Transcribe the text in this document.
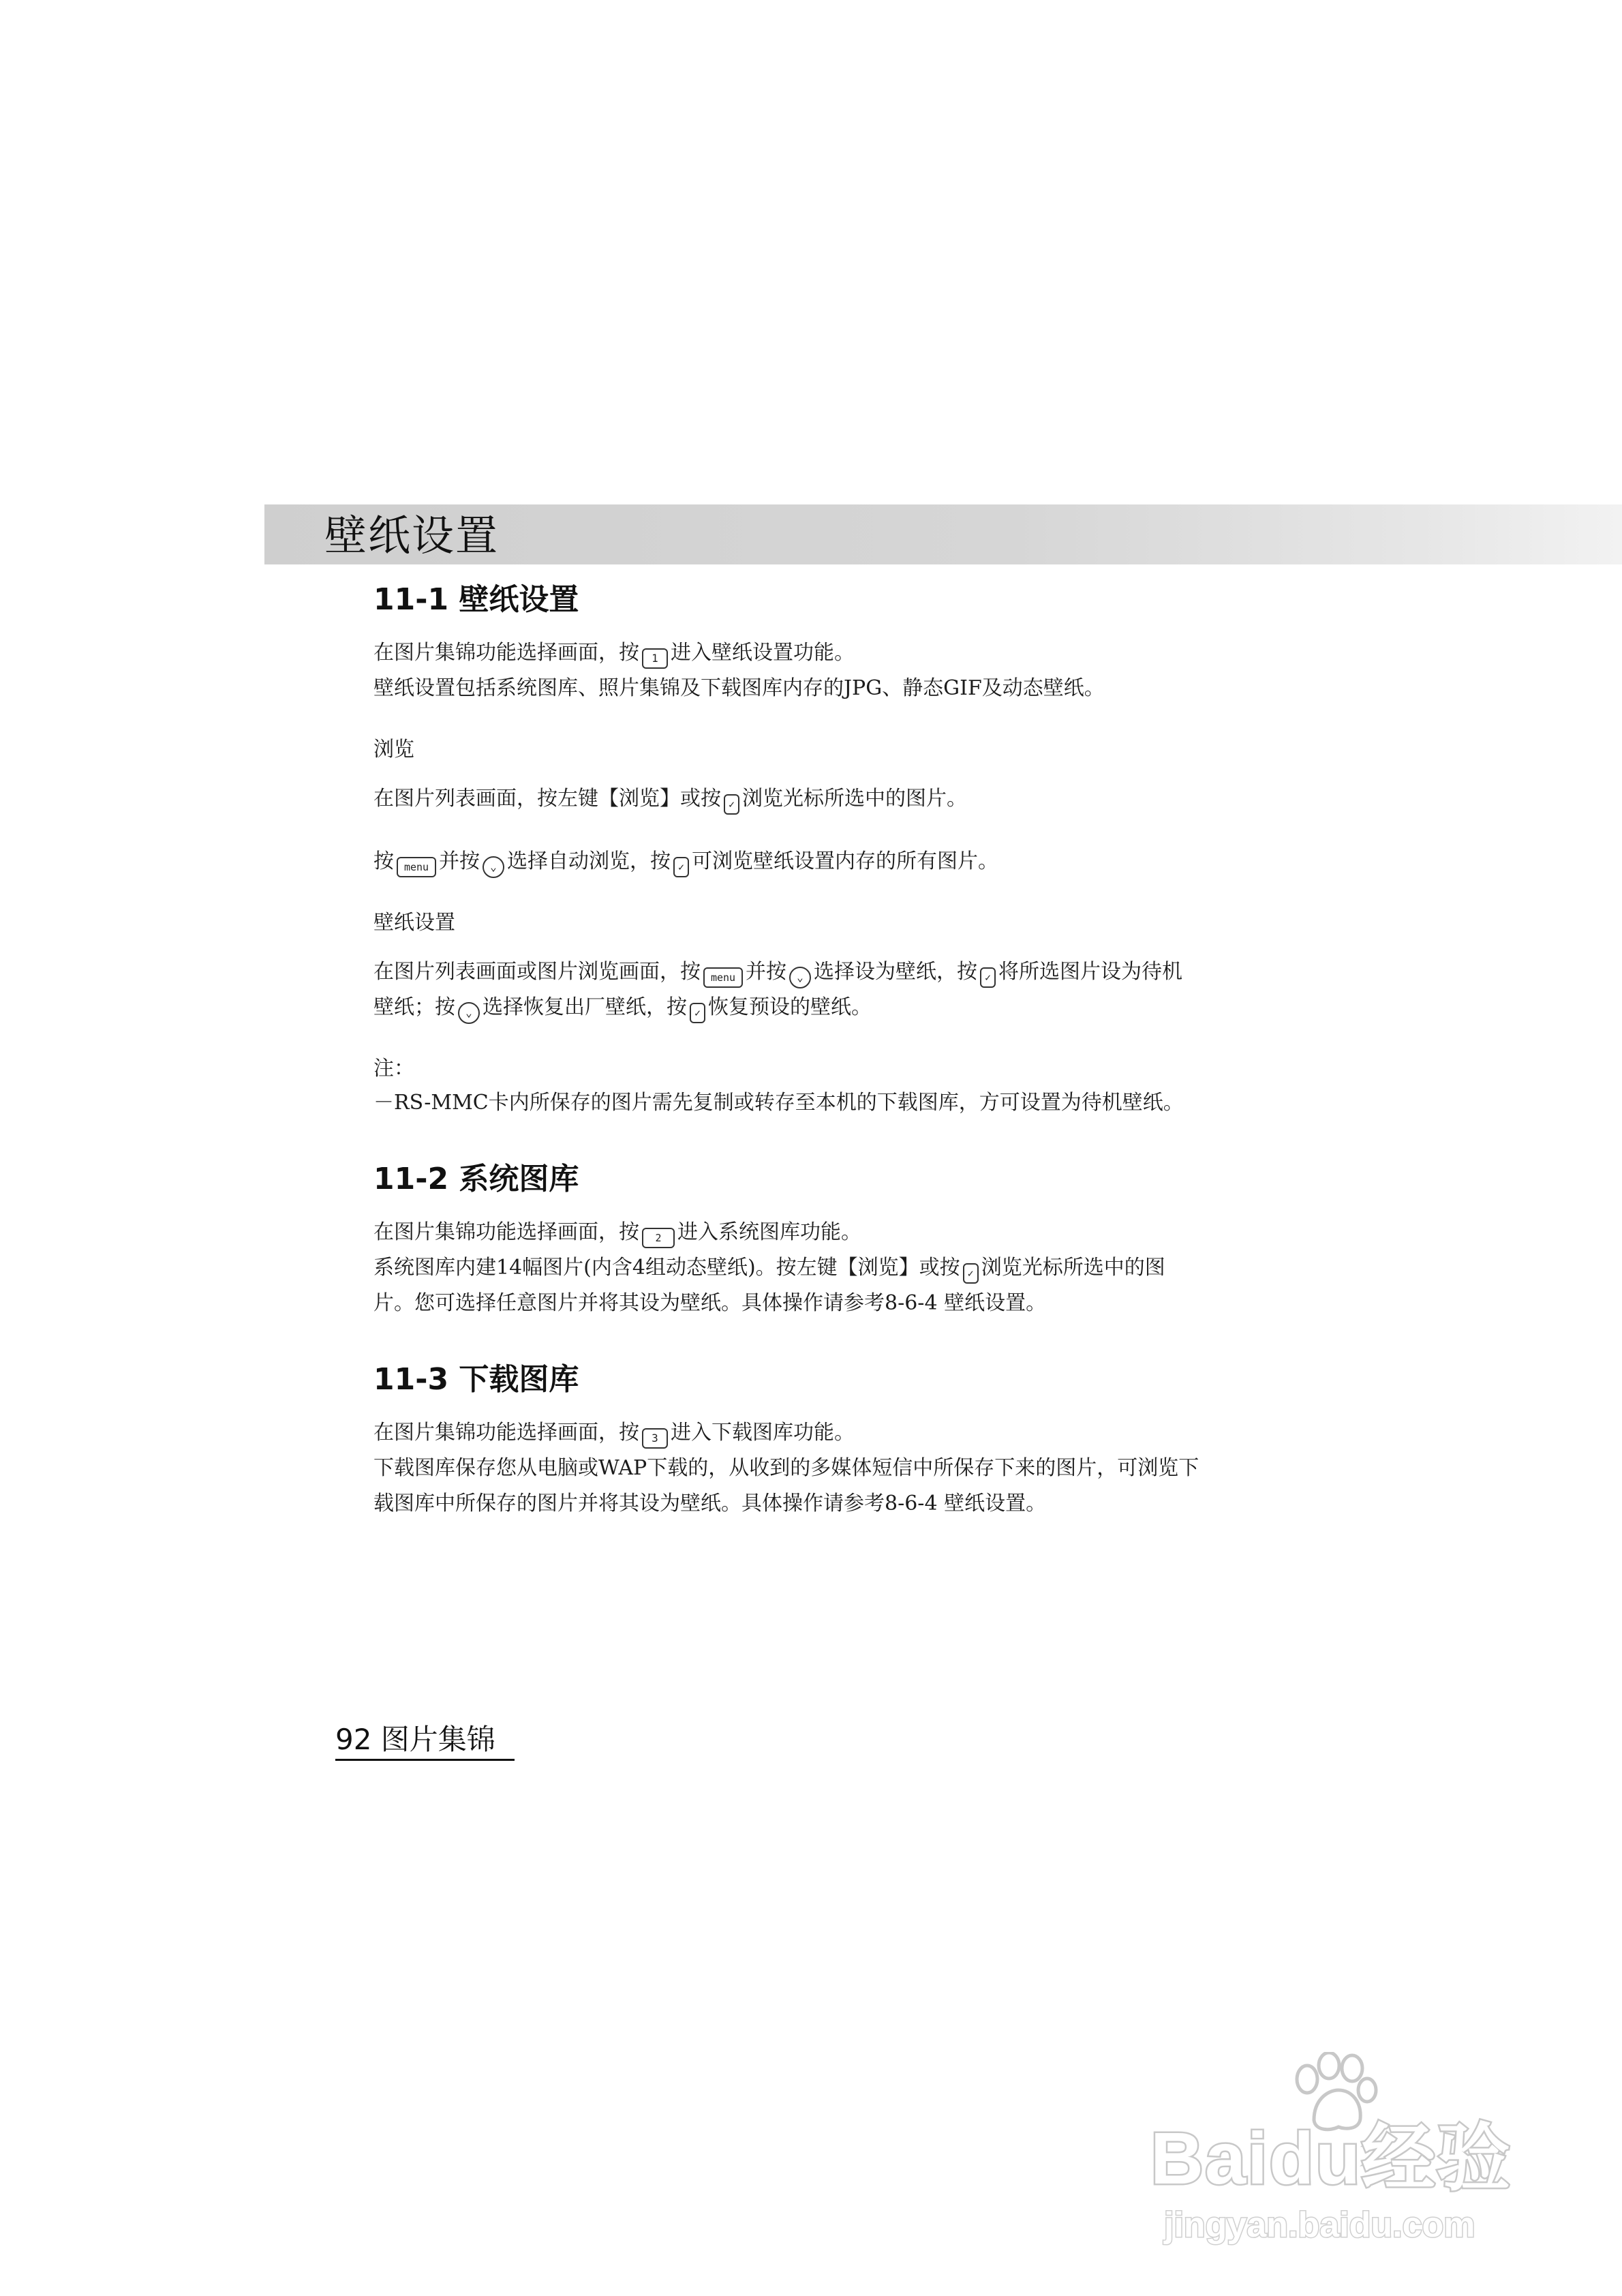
壁纸设置
11-1 壁纸设置

在图片集锦功能选择画面，按 1 进入壁纸设置功能。

壁纸设置包括系统图库、照片集锦及下载图库内存的JPG、静态GIF及动态壁纸。

浏览

在图片列表画面，按左键【浏览】或按 ✓ 浏览光标所选中的图片。

按 menu 并按 ⌄ 选择自动浏览，按 ✓ 可浏览壁纸设置内存的所有图片。

壁纸设置

在图片列表画面或图片浏览画面，按 menu 并按 ⌄ 选择设为壁纸，按 ✓ 将所选图片设为待机

壁纸；按 ⌄ 选择恢复出厂壁纸，按 ✓ 恢复预设的壁纸。

注：

－RS-MMC卡内所保存的图片需先复制或转存至本机的下载图库，方可设置为待机壁纸。

11-2 系统图库

在图片集锦功能选择画面，按 2 进入系统图库功能。

系统图库内建14幅图片(内含4组动态壁纸)。按左键【浏览】或按 ✓ 浏览光标所选中的图

片。您可选择任意图片并将其设为壁纸。具体操作请参考8-6-4 壁纸设置。

11-3 下载图库

在图片集锦功能选择画面，按 3 进入下载图库功能。

下载图库保存您从电脑或WAP下载的，从收到的多媒体短信中所保存下来的图片，可浏览下

载图库中所保存的图片并将其设为壁纸。具体操作请参考8-6-4 壁纸设置。

92 图片集锦
Baidu经验
jingyan.baidu.com
